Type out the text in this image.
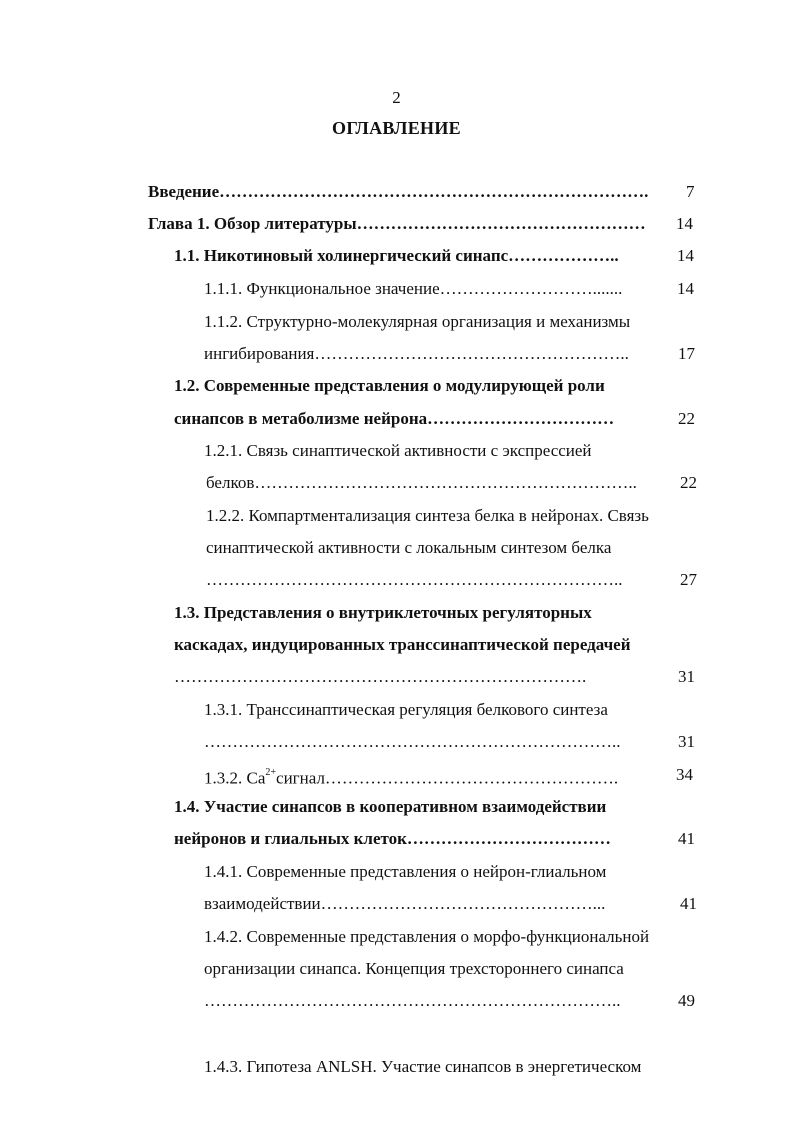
2
ОГЛАВЛЕНИЕ
Введение…………………………………………………………………. 7
Глава 1. Обзор литературы…………………………………………… 14
1.1. Никотиновый холинергический синапс………………..	14
1.1.1. Функциональное значение……………………….......	14
1.1.2. Структурно-молекулярная организация и механизмы
ингибирования………………………………………………..	17
1.2. Современные представления о модулирующей роли
синапсов в метаболизме нейрона……………………………	22
1.2.1. Связь синаптической активности с экспрессией
белков…………………………………………………………..	22
1.2.2. Компартментализация синтеза белка в нейронах. Связь
синаптической активности с локальным синтезом белка
………………………………………………………………..	27
1.3. Представления о внутриклеточных регуляторных
каскадах, индуцированных транссинаптической передачей
……………………………………………………………….	31
1.3.1. Транссинаптическая регуляция белкового синтеза
………………………………………………………………..	31
1.3.2. $Са^{2+}сигнал\dots\dots\dots\dots\dots\dots\dots\dots\dots\dots\dots\dots\dots\dots\dots\dots\dots$.	34
1.4. Участие синапсов в кооперативном взаимодействии
нейронов и глиальных клеток………………………………	41
1.4.1. Современные представления о нейрон-глиальном
взаимодействии…………………………………………...	41
1.4.2. Современные представления о морфо-функциональной
организации синапса. Концепция трехстороннего синапса
………………………………………………………………..	49
1.4.3. Гипотеза ANLSH. Участие синапсов в энергетическом
